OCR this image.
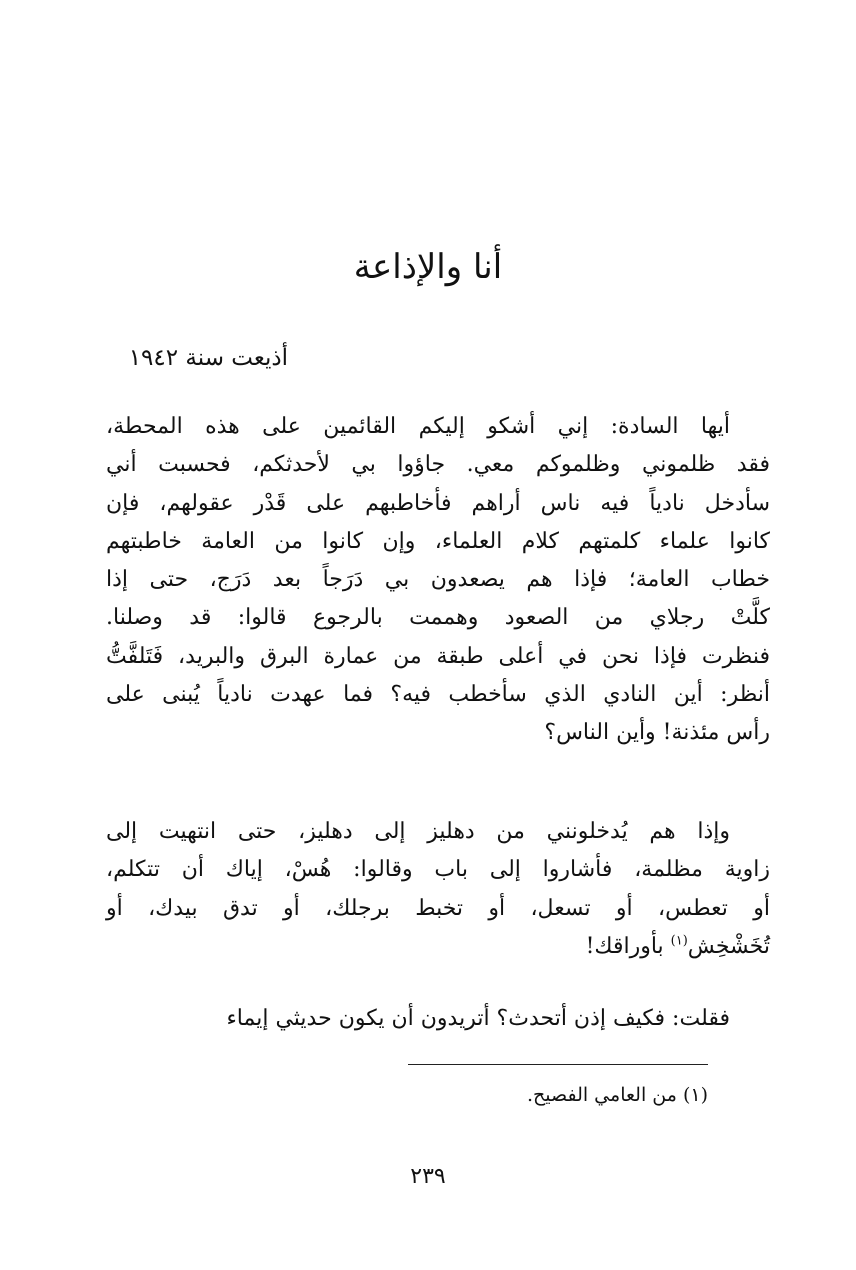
أنا والإذاعة

أذيعت سنة ١٩٤٢

أيها السادة: إني أشكو إليكم القائمين على هذه المحطة،
فقد ظلموني وظلموكم معي. جاؤوا بي لأحدثكم، فحسبت أني
سأدخل نادياً فيه ناس أراهم فأخاطبهم على قَدْر عقولهم، فإن
كانوا علماء كلمتهم كلام العلماء، وإن كانوا من العامة خاطبتهم
خطاب العامة؛ فإذا هم يصعدون بي دَرَجاً بعد دَرَج، حتى إذا
كلَّتْ رجلاي من الصعود وهممت بالرجوع قالوا: قد وصلنا.
فنظرت فإذا نحن في أعلى طبقة من عمارة البرق والبريد، فَتَلفَّتُّ
أنظر: أين النادي الذي سأخطب فيه؟ فما عهدت نادياً يُبنى على
رأس مئذنة! وأين الناس؟
وإذا هم يُدخلونني من دهليز إلى دهليز، حتى انتهيت إلى
زاوية مظلمة، فأشاروا إلى باب وقالوا: هُسْ، إياك أن تتكلم،
أو تعطس، أو تسعل، أو تخبط برجلك، أو تدق بيدك، أو
تُخَشْخِش$^{(١)}$ بأوراقك!
فقلت: فكيف إذن أتحدث؟ أتريدون أن يكون حديثي إيماء

(١) من العامي الفصيح.

٢٣٩
